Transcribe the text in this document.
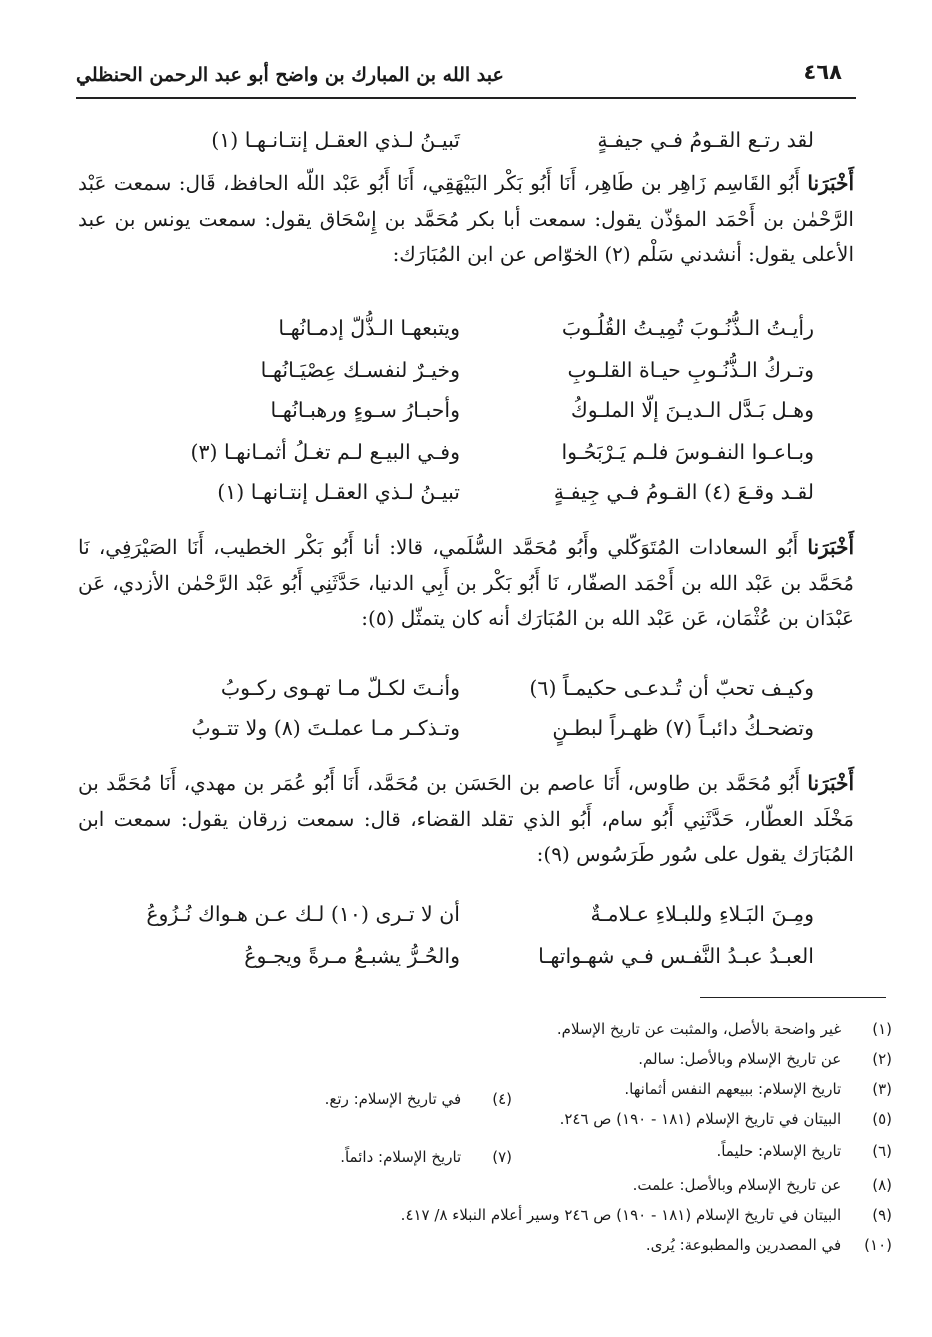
٤٦٨
عبد الله بن المبارك بن واضح أبو عبد الرحمن الحنظلي
لقد رتـع القـومُ فـي جيفـةٍ
تَبيـنُ لـذي العقـل إنتـانـهـا (١)
أَخْبَرَنا أَبُو القَاسِم زَاهِر بن طَاهِر، أَنَا أَبُو بَكْر البَيْهَقِي، أَنَا أَبُو عَبْد اللّه الحافظ، قَال: سمعت عَبْد الرَّحْمٰن بن أَحْمَد المؤذّن يقول: سمعت أبا بكر مُحَمَّد بن إِسْحَاق يقول: سمعت يونس بن عبد الأعلى يقول: أنشدني سَلْم (٢) الخوّاص عن ابن المُبَارَك:
رأيـتُ الـذُّنُـوبَ تُمِيـتُ القُلُـوبَ
ويتبعهـا الـذُّلّ إدمـانُهـا
وتـركُ الـذُّنُـوبِ حيـاة القلـوبِ
وخيـرٌ لنفسـك عِصْيَـانُهـا
وهـل بَـدَّل الـديـنَ إلّا الملـوكُ
وأحبـارُ سـوءٍ ورهبـانُهـا
وبـاعـوا النفـوسَ فلـم يَـرْبَحُـوا
وفـي البيـع لـم تغـلُ أثمـانهـا (٣)
لقـد وقـعَ (٤) القـومُ فـي جِيفـةٍ
تبيـنُ لـذي العقـل إنتـانهـا (١)
أَخْبَرَنا أَبُو السعادات المُتَوَكّلي وأَبُو مُحَمَّد السُّلَمي، قالا: أنا أَبُو بَكْر الخطيب، أَنَا الصَيْرَفِي، نَا مُحَمَّد بن عَبْد الله بن أَحْمَد الصفّار، نَا أَبُو بَكْر بن أَبِي الدنيا، حَدَّثَنِي أَبُو عَبْد الرَّحْمٰن الأزدي، عَن عَبْدَان بن عُثْمَان، عَن عَبْد الله بن المُبَارَك أنه كان يتمثّل (٥):
وكيـف تحبّ أن تُـدعـى حكيمـاً (٦)
وأنـتَ لكـلّ مـا تهـوى ركـوبُ
وتضحـكُ دائبـاً (٧) ظهـراً لبطـنٍ
وتـذكـر مـا عملـتَ (٨) ولا تتـوبُ
أَخْبَرَنا أَبُو مُحَمَّد بن طاوس، أَنَا عاصم بن الحَسَن بن مُحَمَّد، أَنَا أَبُو عُمَر بن مهدي، أَنَا مُحَمَّد بن مَخْلَد العطّار، حَدَّثَنِي أَبُو سام، أَبُو الذي تقلد القضاء، قال: سمعت زرقان يقول: سمعت ابن المُبَارَك يقول على سُور طَرَسُوس (٩):
ومِـنَ البَـلاءِ وللبـلاءِ عـلامـةٌ
أن لا تـرى (١٠) لـك عـن هـواك نُـزُوعُ
العبـدُ عبـدُ النَّفـس فـي شهـواتهـا
والحُـرُّ يشبـعُ مـرةً ويجـوعُ
(١) غير واضحة بالأصل، والمثبت عن تاريخ الإسلام.
(٢) عن تاريخ الإسلام وبالأصل: سالم.
(٣) تاريخ الإسلام: ببيعهم النفس أثمانها.
(٤) في تاريخ الإسلام: رتع.
(٥) البيتان في تاريخ الإسلام (١٨١ - ١٩٠) ص ٢٤٦.
(٦) تاريخ الإسلام: حليماً.
(٧) تاريخ الإسلام: دائماً.
(٨) عن تاريخ الإسلام وبالأصل: علمت.
(٩) البيتان في تاريخ الإسلام (١٨١ - ١٩٠) ص ٢٤٦ وسير أعلام النبلاء ٨/ ٤١٧.
(١٠) في المصدرين والمطبوعة: يُرى.
